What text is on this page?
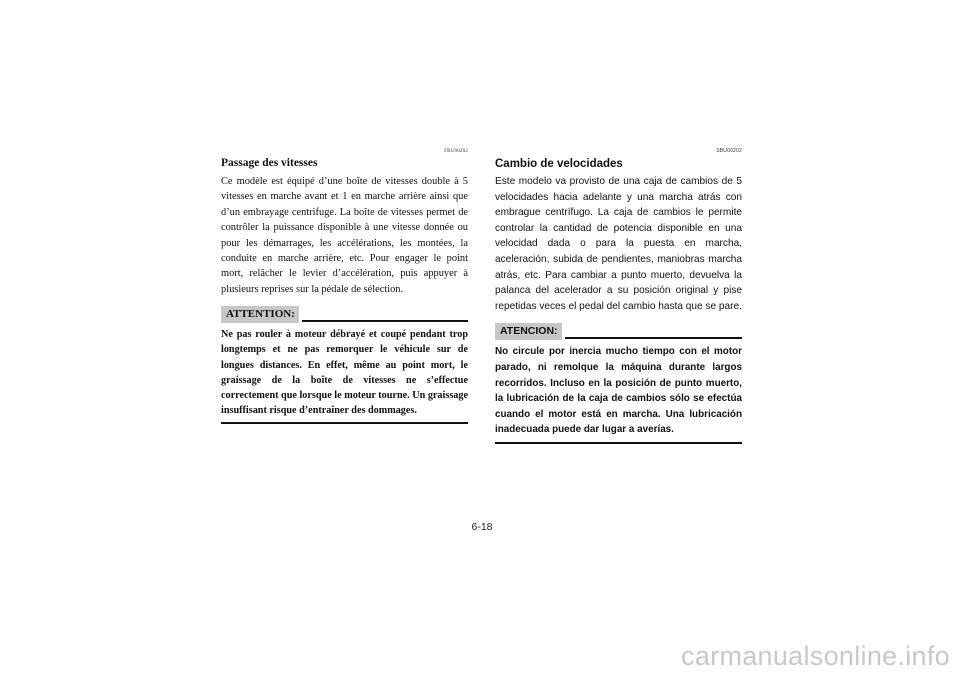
FBU00202
Passage des vitesses
Ce modèle est équipé d’une boîte de vitesses double à 5 vitesses en marche avant et 1 en marche arrière ainsi que d’un embrayage centrifuge. La boîte de vitesses permet de contrôler la puissance disponible à une vitesse donnée ou pour les démarrages, les accélérations, les montées, la conduite en marche arrière, etc. Pour engager le point mort, relâcher le levier d’accélération, puis appuyer à plusieurs reprises sur la pédale de sélection.
ATTENTION:
Ne pas rouler à moteur débrayé et coupé pendant trop longtemps et ne pas remorquer le véhicule sur de longues distances. En effet, même au point mort, le graissage de la boîte de vitesses ne s’effectue correctement que lorsque le moteur tourne. Un graissage insuffisant risque d’entraîner des dommages.
SBU00202
Cambio de velocidades
Este modelo va provisto de una caja de cambios de 5 velocidades hacia adelante y una marcha atrás con embrague centrífugo. La caja de cambios le permite controlar la cantidad de potencia disponible en una velocidad dada o para la puesta en marcha, aceleración, subida de pendientes, maniobras marcha atrás, etc. Para cambiar a punto muerto, devuelva la palanca del acelerador a su posición original y pise repetidas veces el pedal del cambio hasta que se pare.
ATENCION:
No circule por inercia mucho tiempo con el motor parado, ni remolque la máquina durante largos recorridos. Incluso en la posición de punto muerto, la lubricación de la caja de cambios sólo se efectúa cuando el motor está en marcha. Una lubricación inadecuada puede dar lugar a averías.
6-18
carmanualsonline.info
